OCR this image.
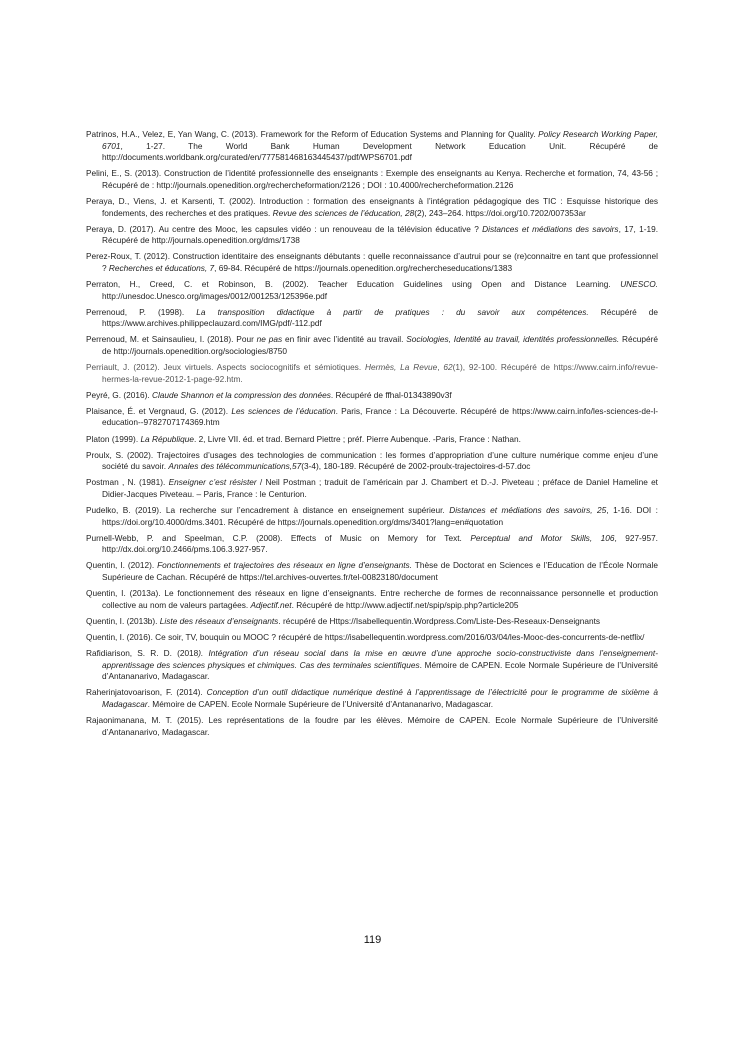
Patrinos, H.A., Velez, E, Yan Wang, C. (2013). Framework for the Reform of Education Systems and Planning for Quality. Policy Research Working Paper, 6701, 1-27. The World Bank Human Development Network Education Unit. Récupéré de http://documents.worldbank.org/curated/en/777581468163445437/pdf/WPS6701.pdf

Pelini, E., S. (2013). Construction de l’identité professionnelle des enseignants : Exemple des enseignants au Kenya. Recherche et formation, 74, 43-56 ; Récupéré de : http://journals.openedition.org/rechercheformation/2126 ; DOI : 10.4000/rechercheformation.2126

Peraya, D., Viens, J. et Karsenti, T. (2002). Introduction : formation des enseignants à l’intégration pédagogique des TIC : Esquisse historique des fondements, des recherches et des pratiques. Revue des sciences de l’éducation, 28(2), 243–264. https://doi.org/10.7202/007353ar

Peraya, D. (2017). Au centre des Mooc, les capsules vidéo : un renouveau de la télévision éducative ? Distances et médiations des savoirs, 17, 1-19. Récupéré de http://journals.openedition.org/dms/1738

Perez-Roux, T. (2012). Construction identitaire des enseignants débutants : quelle reconnaissance d’autrui pour se (re)connaitre en tant que professionnel ? Recherches et éducations, 7, 69-84. Récupéré de https://journals.openedition.org/rechercheseducations/1383

Perraton, H., Creed, C. et Robinson, B. (2002). Teacher Education Guidelines using Open and Distance Learning. UNESCO. http://unesdoc.Unesco.org/images/0012/001253/125396e.pdf

Perrenoud, P. (1998). La transposition didactique à partir de pratiques : du savoir aux compétences. Récupéré de https://www.archives.philippeclauzard.com/IMG/pdf/-112.pdf

Perrenoud, M. et Sainsaulieu, I. (2018). Pour ne pas en finir avec l’identité au travail. Sociologies, Identité au travail, identités professionnelles. Récupéré de http://journals.openedition.org/sociologies/8750

Perriault, J. (2012). Jeux virtuels. Aspects sociocognitifs et sémiotiques. Hermès, La Revue, 62(1), 92-100. Récupéré de https://www.cairn.info/revue-hermes-la-revue-2012-1-page-92.htm.

Peyré, G. (2016). Claude Shannon et la compression des données. Récupéré de ffhal-01343890v3f

Plaisance, É. et Vergnaud, G. (2012). Les sciences de l’éducation. Paris, France : La Découverte. Récupéré de https://www.cairn.info/les-sciences-de-l-education--9782707174369.htm

Platon (1999). La République. 2, Livre VII. éd. et trad. Bernard Piettre ; préf. Pierre Aubenque. -Paris, France : Nathan.

Proulx, S. (2002). Trajectoires d’usages des technologies de communication : les formes d’appropriation d’une culture numérique comme enjeu d’une société du savoir. Annales des télécommunications,57(3-4), 180-189. Récupéré de 2002-proulx-trajectoires-d-57.doc

Postman , N. (1981). Enseigner c’est résister / Neil Postman ; traduit de l’américain par J. Chambert et D.-J. Piveteau ; préface de Daniel Hameline et Didier-Jacques Piveteau. – Paris, France : le Centurion.

Pudelko, B. (2019). La recherche sur l’encadrement à distance en enseignement supérieur. Distances et médiations des savoirs, 25, 1-16. DOI : https://doi.org/10.4000/dms.3401. Récupéré de https://journals.openedition.org/dms/3401?lang=en#quotation

Purnell-Webb, P. and Speelman, C.P. (2008). Effects of Music on Memory for Text. Perceptual and Motor Skills, 106, 927-957. http://dx.doi.org/10.2466/pms.106.3.927-957.

Quentin, I. (2012). Fonctionnements et trajectoires des réseaux en ligne d’enseignants. Thèse de Doctorat en Sciences e l’Education de l’École Normale Supérieure de Cachan. Récupéré de https://tel.archives-ouvertes.fr/tel-00823180/document

Quentin, I. (2013a). Le fonctionnement des réseaux en ligne d’enseignants. Entre recherche de formes de reconnaissance personnelle et production collective au nom de valeurs partagées. Adjectif.net. Récupéré de http://www.adjectif.net/spip/spip.php?article205

Quentin, I. (2013b). Liste des réseaux d’enseignants. récupéré de Https://Isabellequentin.Wordpress.Com/Liste-Des-Reseaux-Denseignants

Quentin, I. (2016). Ce soir, TV, bouquin ou MOOC ? récupéré de https://isabellequentin.wordpress.com/2016/03/04/les-Mooc-des-concurrents-de-netflix/

Rafidiarison, S. R. D. (2018). Intégration d’un réseau social dans la mise en œuvre d’une approche socio-constructiviste dans l’enseignement-apprentissage des sciences physiques et chimiques. Cas des terminales scientifiques. Mémoire de CAPEN. Ecole Normale Supérieure de l’Université d’Antananarivo, Madagascar.

Raherinjatovoarison, F. (2014). Conception d’un outil didactique numérique destiné à l’apprentissage de l’électricité pour le programme de sixième à Madagascar. Mémoire de CAPEN. Ecole Normale Supérieure de l’Université d’Antananarivo, Madagascar.

Rajaonimanana, M. T. (2015). Les représentations de la foudre par les élèves. Mémoire de CAPEN. Ecole Normale Supérieure de l’Université d’Antananarivo, Madagascar.

119
